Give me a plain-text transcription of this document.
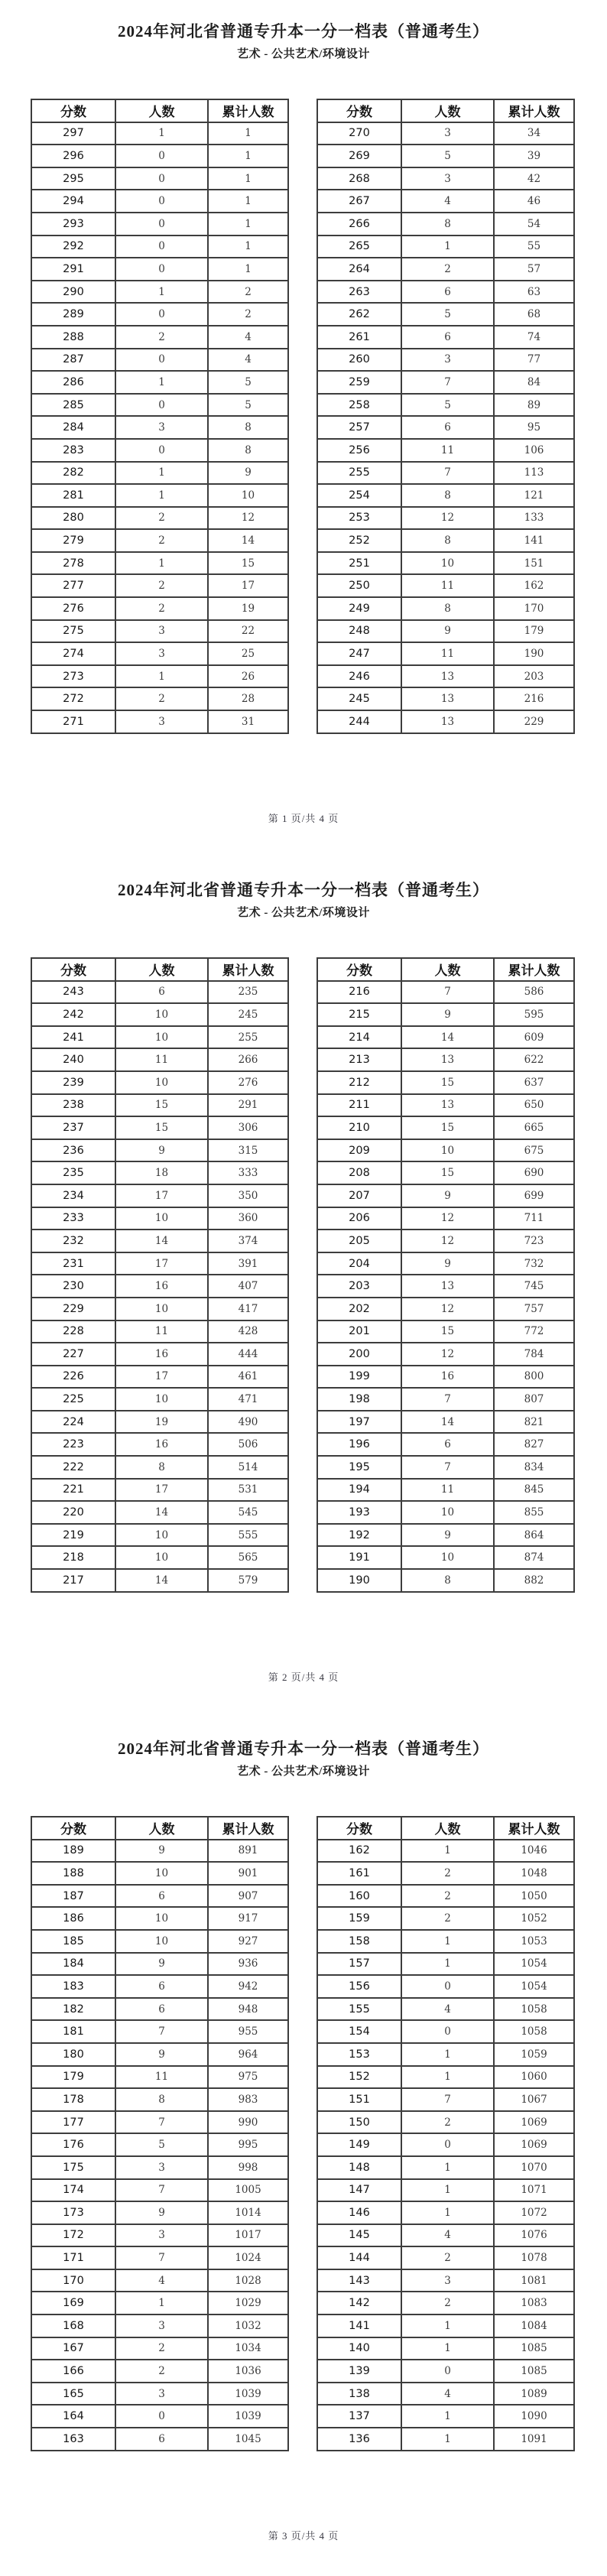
2024年河北省普通专升本一分一档表（普通考生）
艺术 - 公共艺术/环境设计
分数	人数	累计人数
297	1	1
296	0	1
295	0	1
294	0	1
293	0	1
292	0	1
291	0	1
290	1	2
289	0	2
288	2	4
287	0	4
286	1	5
285	0	5
284	3	8
283	0	8
282	1	9
281	1	10
280	2	12
279	2	14
278	1	15
277	2	17
276	2	19
275	3	22
274	3	25
273	1	26
272	2	28
271	3	31
分数	人数	累计人数
270	3	34
269	5	39
268	3	42
267	4	46
266	8	54
265	1	55
264	2	57
263	6	63
262	5	68
261	6	74
260	3	77
259	7	84
258	5	89
257	6	95
256	11	106
255	7	113
254	8	121
253	12	133
252	8	141
251	10	151
250	11	162
249	8	170
248	9	179
247	11	190
246	13	203
245	13	216
244	13	229
第 1 页/共 4 页
2024年河北省普通专升本一分一档表（普通考生）
艺术 - 公共艺术/环境设计
分数	人数	累计人数
243	6	235
242	10	245
241	10	255
240	11	266
239	10	276
238	15	291
237	15	306
236	9	315
235	18	333
234	17	350
233	10	360
232	14	374
231	17	391
230	16	407
229	10	417
228	11	428
227	16	444
226	17	461
225	10	471
224	19	490
223	16	506
222	8	514
221	17	531
220	14	545
219	10	555
218	10	565
217	14	579
分数	人数	累计人数
216	7	586
215	9	595
214	14	609
213	13	622
212	15	637
211	13	650
210	15	665
209	10	675
208	15	690
207	9	699
206	12	711
205	12	723
204	9	732
203	13	745
202	12	757
201	15	772
200	12	784
199	16	800
198	7	807
197	14	821
196	6	827
195	7	834
194	11	845
193	10	855
192	9	864
191	10	874
190	8	882
第 2 页/共 4 页
2024年河北省普通专升本一分一档表（普通考生）
艺术 - 公共艺术/环境设计
分数	人数	累计人数
189	9	891
188	10	901
187	6	907
186	10	917
185	10	927
184	9	936
183	6	942
182	6	948
181	7	955
180	9	964
179	11	975
178	8	983
177	7	990
176	5	995
175	3	998
174	7	1005
173	9	1014
172	3	1017
171	7	1024
170	4	1028
169	1	1029
168	3	1032
167	2	1034
166	2	1036
165	3	1039
164	0	1039
163	6	1045
分数	人数	累计人数
162	1	1046
161	2	1048
160	2	1050
159	2	1052
158	1	1053
157	1	1054
156	0	1054
155	4	1058
154	0	1058
153	1	1059
152	1	1060
151	7	1067
150	2	1069
149	0	1069
148	1	1070
147	1	1071
146	1	1072
145	4	1076
144	2	1078
143	3	1081
142	2	1083
141	1	1084
140	1	1085
139	0	1085
138	4	1089
137	1	1090
136	1	1091
第 3 页/共 4 页
